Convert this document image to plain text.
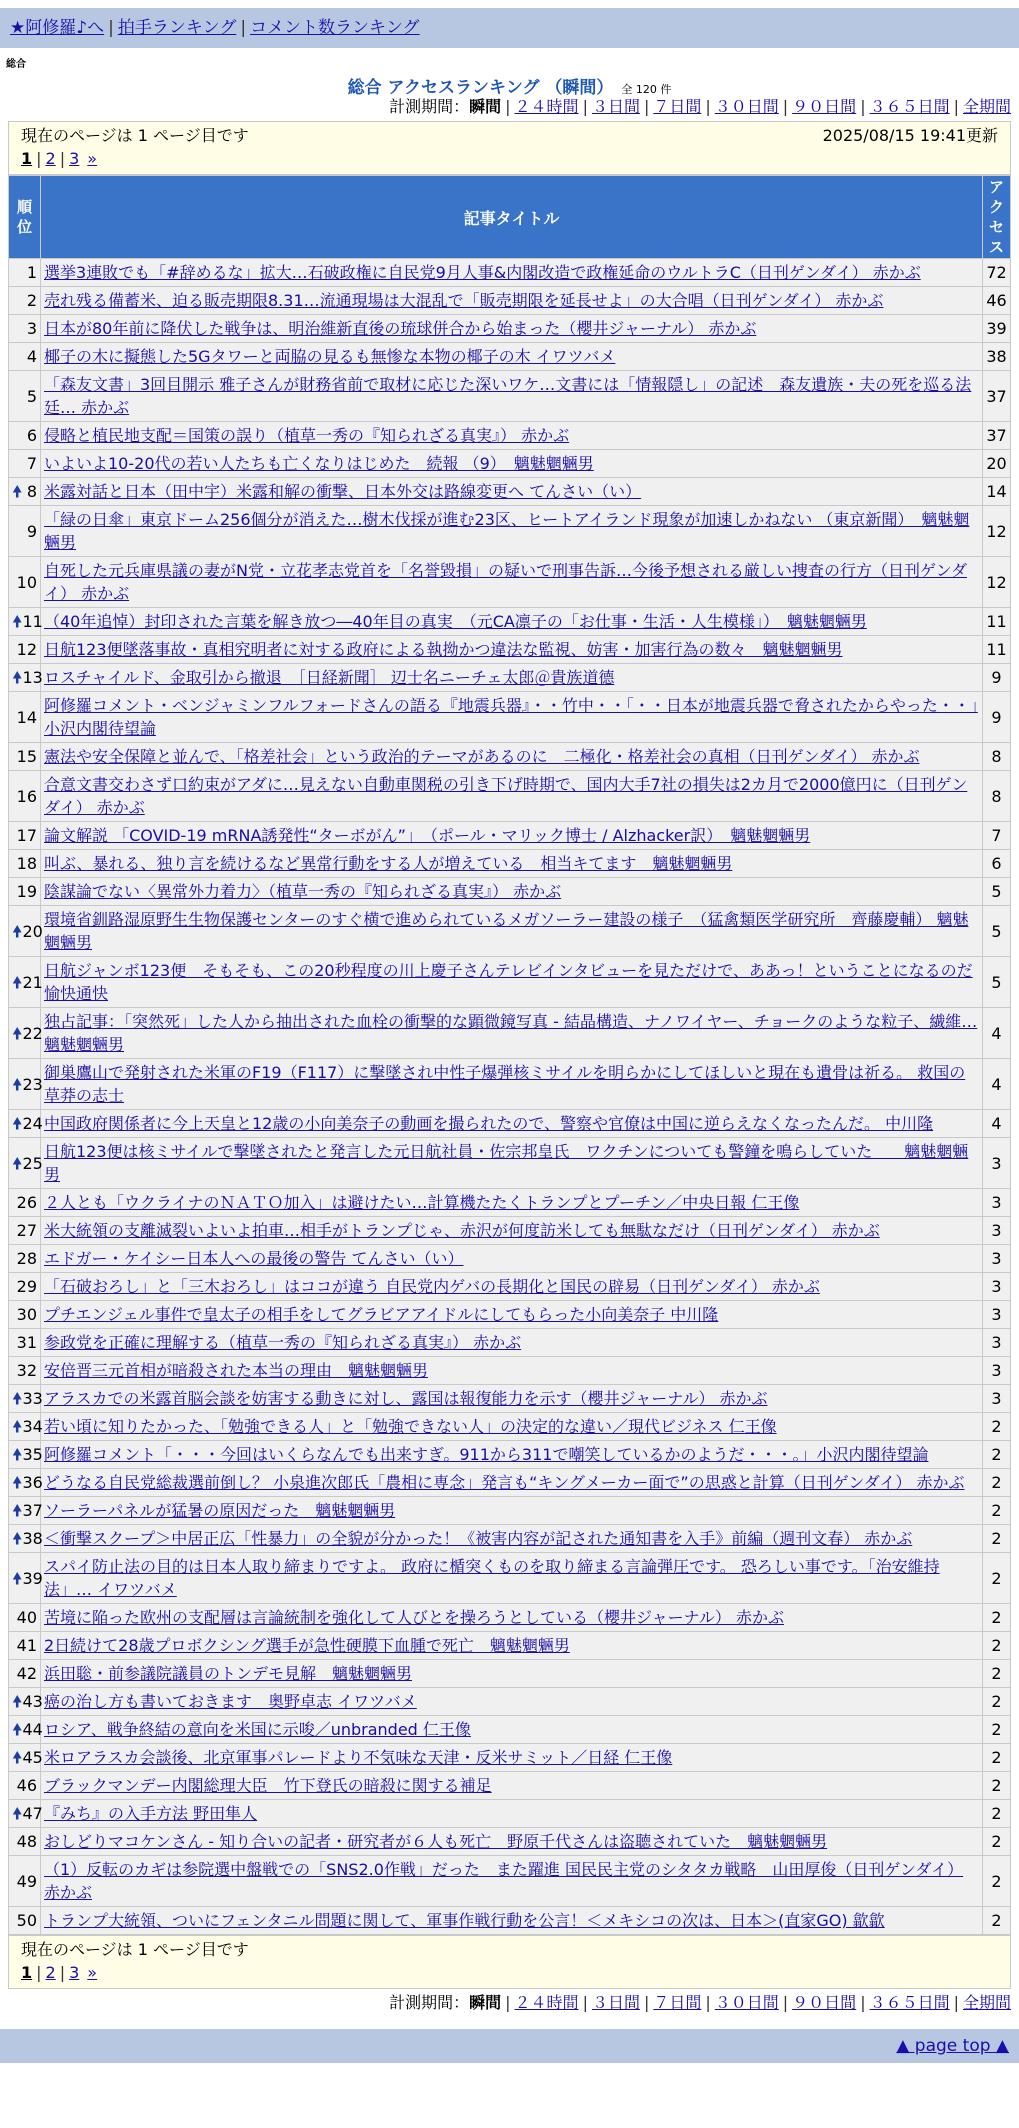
★阿修羅♪へ | 拍手ランキング | コメント数ランキング
総合
総合 アクセスランキング （瞬間） 全 120 件
計測期間：瞬間 | ２４時間 | ３日間 | ７日間 | ３０日間 | ９０日間 | ３６５日間 | 全期間
現在のページは 1 ページ目です	2025/08/15 19:41更新
1 | 2 | 3 »
順位	記事タイトル	アクセス
1	選挙3連敗でも「#辞めるな」拡大…石破政権に自民党9月人事&内閣改造で政権延命のウルトラC（日刊ゲンダイ） 赤かぶ	72
2	売れ残る備蓄米、迫る販売期限8.31…流通現場は大混乱で「販売期限を延長せよ」の大合唱（日刊ゲンダイ） 赤かぶ	46
3	日本が80年前に降伏した戦争は、明治維新直後の琉球併合から始まった（櫻井ジャーナル） 赤かぶ	39
4	椰子の木に擬態した5Gタワーと両脇の見るも無惨な本物の椰子の木 イワツバメ	38
5	「森友文書」3回目開示 雅子さんが財務省前で取材に応じた深いワケ…文書には「情報隠し」の記述　森友遺族・夫の死を巡る法廷… 赤かぶ	37
6	侵略と植民地支配＝国策の誤り（植草一秀の『知られざる真実』） 赤かぶ	37
7	いよいよ10-20代の若い人たちも亡くなりはじめた　続報 （9）　魑魅魍魎男	20

🠝 8	米露対話と日本（田中宇）米露和解の衝撃、日本外交は路線変更へ てんさい（い）	14
9	「緑の日傘」東京ドーム256個分が消えた…樹木伐採が進む23区、ヒートアイランド現象が加速しかねない （東京新聞）　魑魅魍魎男	12
10	自死した元兵庫県議の妻がN党・立花孝志党首を「名誉毀損」の疑いで刑事告訴…今後予想される厳しい捜査の行方（日刊ゲンダイ） 赤かぶ	12

🠝 11	（40年追悼）封印された言葉を解き放つ―40年目の真実　（元CA凛子の「お仕事・生活・人生模様」）　魑魅魍魎男	11
12	日航123便墜落事故・真相究明者に対する政府による執拗かつ違法な監視、妨害・加害行為の数々　魑魅魍魎男	11

🠝 13	ロスチャイルド、金取引から撤退　［日経新聞］ 辺士名ニーチェ太郎＠貴族道德	9
14	阿修羅コメント・ベンジャミンフルフォードさんの語る『地震兵器』・・竹中・・「・・日本が地震兵器で脅されたからやった・・」小沢内閣待望論	9
15	憲法や安全保障と並んで、「格差社会」という政治的テーマがあるのに　二極化・格差社会の真相（日刊ゲンダイ） 赤かぶ	8
16	合意文書交わさず口約束がアダに…見えない自動車関税の引き下げ時期で、国内大手7社の損失は2カ月で2000億円に（日刊ゲンダイ） 赤かぶ	8
17	論文解説 「COVID-19 mRNA誘発性“ターボがん”」　（ポール・マリック博士 / Alzhacker訳）　魑魅魍魎男	7
18	叫ぶ、暴れる、独り言を続けるなど異常行動をする人が増えている　相当キてます　魑魅魍魎男	6
19	陰謀論でない〈異常外力着力〉（植草一秀の『知られざる真実』） 赤かぶ	5

🠝 20	環境省釧路湿原野生生物保護センターのすぐ横で進められているメガソーラー建設の様子　（猛禽類医学研究所　齊藤慶輔） 魑魅魍魎男	5

🠝 21	日航ジャンボ123便　そもそも、この20秒程度の川上慶子さんテレビインタビューを見ただけで、ああっ！ということになるのだ 愉快通快	5

🠝 22	独占記事：「突然死」した人から抽出された血栓の衝撃的な顕微鏡写真 - 結晶構造、ナノワイヤー、チョークのような粒子、繊維… 魑魅魍魎男	4

🠝 23	御巣鷹山で発射された米軍のF19（F117）に撃墜され中性子爆弾核ミサイルを明らかにしてほしいと現在も遺骨は祈る。 救国の草莽の志士	4

🠝 24	中国政府関係者に今上天皇と12歳の小向美奈子の動画を撮られたので、警察や官僚は中国に逆らえなくなったんだ。 中川隆	4

🠝 25	日航123便は核ミサイルで撃墜されたと発言した元日航社員・佐宗邦皇氏　ワクチンについても警鐘を鳴らしていた　　魑魅魍魎男	3
26	２人とも「ウクライナのＮＡＴＯ加入」は避けたい…計算機たたくトランプとプーチン／中央日報 仁王像	3
27	米大統領の支離滅裂いよいよ拍車…相手がトランプじゃ、赤沢が何度訪米しても無駄なだけ（日刊ゲンダイ） 赤かぶ	3
28	エドガー・ケイシー日本人への最後の警告 てんさい（い）	3
29	「石破おろし」と「三木おろし」はココが違う 自民党内ゲバの長期化と国民の辟易（日刊ゲンダイ） 赤かぶ	3
30	プチエンジェル事件で皇太子の相手をしてグラビアアイドルにしてもらった小向美奈子 中川隆	3
31	参政党を正確に理解する（植草一秀の『知られざる真実』） 赤かぶ	3
32	安倍晋三元首相が暗殺された本当の理由　魑魅魍魎男	3

🠝 33	アラスカでの米露首脳会談を妨害する動きに対し、露国は報復能力を示す（櫻井ジャーナル） 赤かぶ	3

🠝 34	若い頃に知りたかった、「勉強できる人」と「勉強できない人」の決定的な違い／現代ビジネス 仁王像	2

🠝 35	阿修羅コメント「・・・今回はいくらなんでも出来すぎ。911から311で嘲笑しているかのようだ・・・。」小沢内閣待望論	2

🠝 36	どうなる自民党総裁選前倒し？ 小泉進次郎氏「農相に専念」発言も“キングメーカー面で”の思惑と計算（日刊ゲンダイ） 赤かぶ	2

🠝 37	ソーラーパネルが猛暑の原因だった　魑魅魍魎男	2

🠝 38	＜衝撃スクープ＞中居正広「性暴力」の全貌が分かった！《被害内容が記された通知書を入手》前編（週刊文春） 赤かぶ	2

🠝 39	スパイ防止法の目的は日本人取り締まりですよ。 政府に楯突くものを取り締まる言論弾圧です。 恐ろしい事です。「治安維持法」… イワツバメ	2
40	苦境に陥った欧州の支配層は言論統制を強化して人びとを操ろうとしている（櫻井ジャーナル） 赤かぶ	2
41	2日続けて28歳プロボクシング選手が急性硬膜下血腫で死亡　魑魅魍魎男	2
42	浜田聡・前参議院議員のトンデモ見解　魑魅魍魎男	2

🠝 43	癌の治し方も書いておきます　奥野卓志 イワツバメ	2

🠝 44	ロシア、戦争終結の意向を米国に示唆／unbranded 仁王像	2

🠝 45	米ロアラスカ会談後、北京軍事パレードより不気味な天津・反米サミット／日経 仁王像	2
46	ブラックマンデー内閣総理大臣　竹下登氏の暗殺に関する補足	2

🠝 47	『みち』の入手方法 野田隼人	2
48	おしどりマコケンさん - 知り合いの記者・研究者が６人も死亡　野原千代さんは盗聴されていた　魑魅魍魎男	2
49	（1）反転のカギは参院選中盤戦での「SNS2.0作戦」だった　また躍進 国民民主党のシタタカ戦略　山田厚俊（日刊ゲンダイ） 赤かぶ	2
50	トランプ大統領、ついにフェンタニル問題に関して、軍事作戦行動を公言！＜メキシコの次は、日本＞(直家GO) 歙歙	2
現在のページは 1 ページ目です
1 | 2 | 3 »
計測期間：瞬間 | ２４時間 | ３日間 | ７日間 | ３０日間 | ９０日間 | ３６５日間 | 全期間
▲ page top ▲
